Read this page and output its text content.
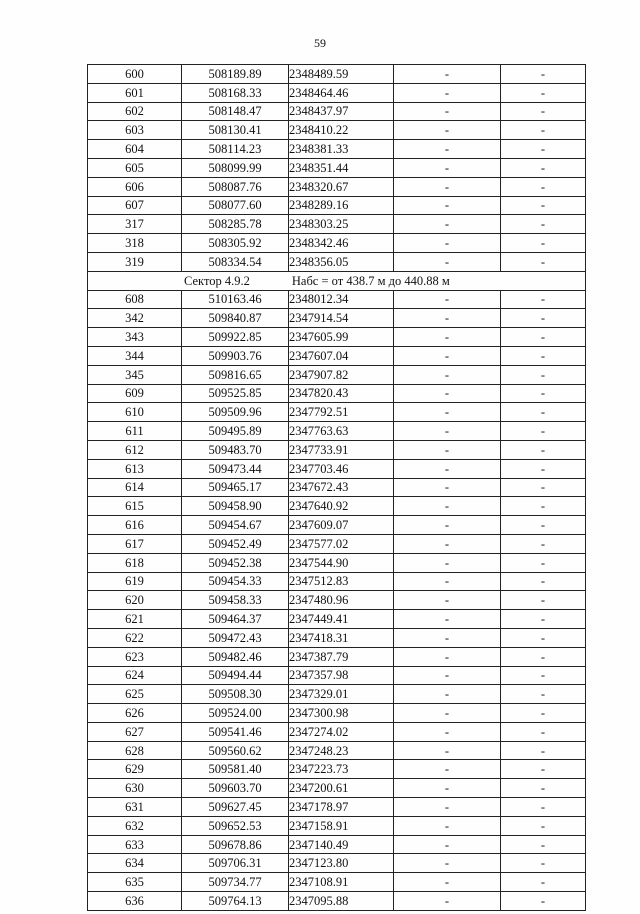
59
600	508189.89	2348489.59	-	-
601	508168.33	2348464.46	-	-
602	508148.47	2348437.97	-	-
603	508130.41	2348410.22	-	-
604	508114.23	2348381.33	-	-
605	508099.99	2348351.44	-	-
606	508087.76	2348320.67	-	-
607	508077.60	2348289.16	-	-
317	508285.78	2348303.25	-	-
318	508305.92	2348342.46	-	-
319	508334.54	2348356.05	-	-
Сектор 4.9.2 Набс = от 438.7 м до 440.88 м				
608	510163.46	2348012.34	-	-
342	509840.87	2347914.54	-	-
343	509922.85	2347605.99	-	-
344	509903.76	2347607.04	-	-
345	509816.65	2347907.82	-	-
609	509525.85	2347820.43	-	-
610	509509.96	2347792.51	-	-
611	509495.89	2347763.63	-	-
612	509483.70	2347733.91	-	-
613	509473.44	2347703.46	-	-
614	509465.17	2347672.43	-	-
615	509458.90	2347640.92	-	-
616	509454.67	2347609.07	-	-
617	509452.49	2347577.02	-	-
618	509452.38	2347544.90	-	-
619	509454.33	2347512.83	-	-
620	509458.33	2347480.96	-	-
621	509464.37	2347449.41	-	-
622	509472.43	2347418.31	-	-
623	509482.46	2347387.79	-	-
624	509494.44	2347357.98	-	-
625	509508.30	2347329.01	-	-
626	509524.00	2347300.98	-	-
627	509541.46	2347274.02	-	-
628	509560.62	2347248.23	-	-
629	509581.40	2347223.73	-	-
630	509603.70	2347200.61	-	-
631	509627.45	2347178.97	-	-
632	509652.53	2347158.91	-	-
633	509678.86	2347140.49	-	-
634	509706.31	2347123.80	-	-
635	509734.77	2347108.91	-	-
636	509764.13	2347095.88	-	-
